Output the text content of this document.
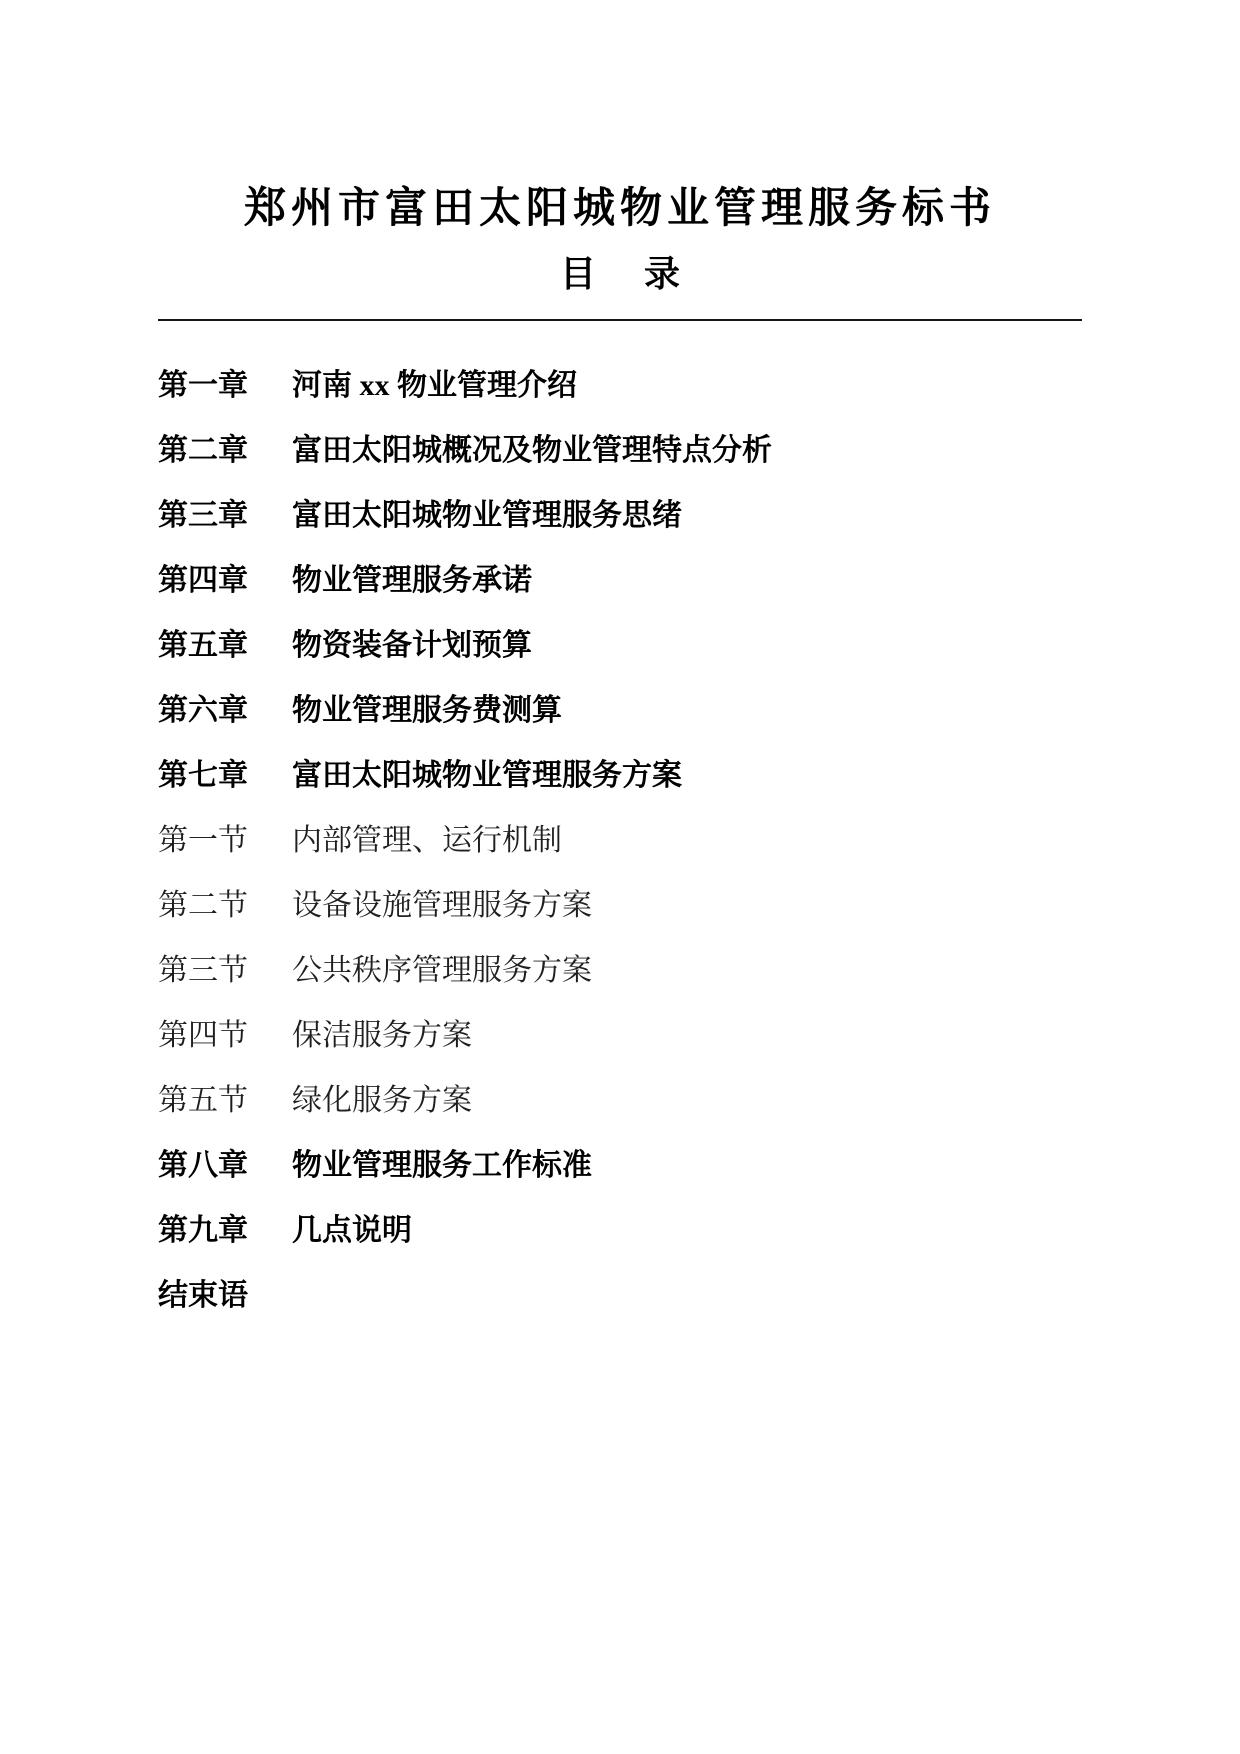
郑州市富田太阳城物业管理服务标书
目 录
第一章	河南 xx 物业管理介绍
第二章	富田太阳城概况及物业管理特点分析
第三章	富田太阳城物业管理服务思绪
第四章	物业管理服务承诺
第五章	物资装备计划预算
第六章	物业管理服务费测算
第七章	富田太阳城物业管理服务方案
第一节	内部管理、运行机制
第二节	设备设施管理服务方案
第三节	公共秩序管理服务方案
第四节	保洁服务方案
第五节	绿化服务方案
第八章	物业管理服务工作标准
第九章	几点说明
结束语
